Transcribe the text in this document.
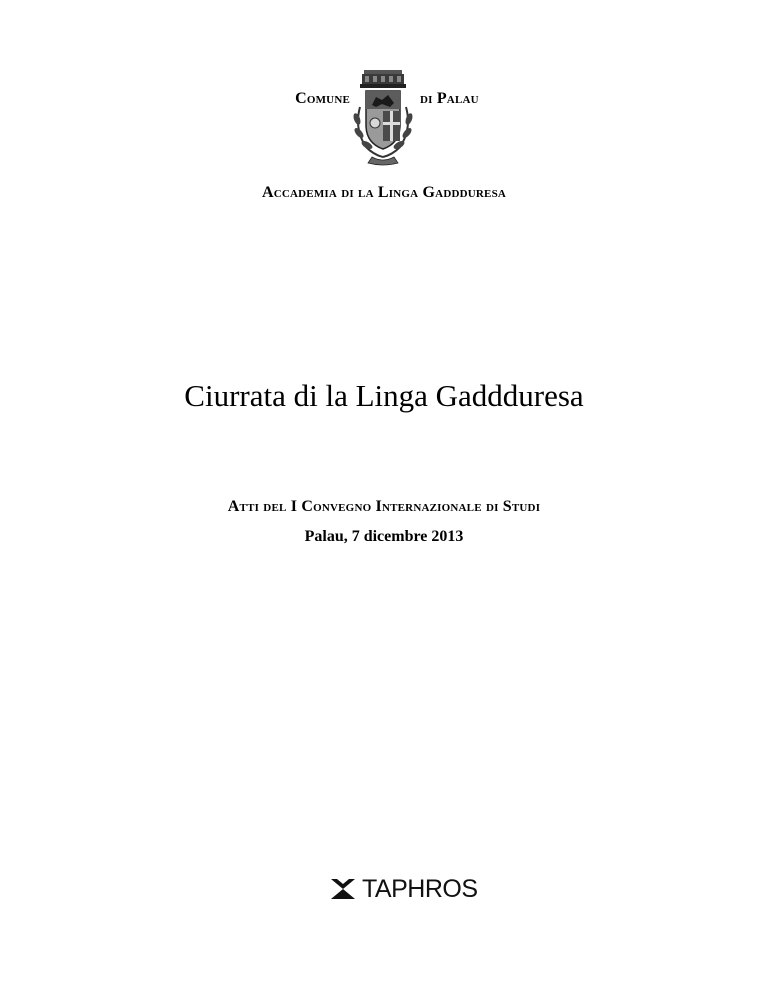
Comune	di Palau
Accademia di la Linga Gaddduresa
Ciurrata di la Linga Gaddduresa
Atti del I Convegno Internazionale di Studi
Palau, 7 dicembre 2013
TAPHROS
